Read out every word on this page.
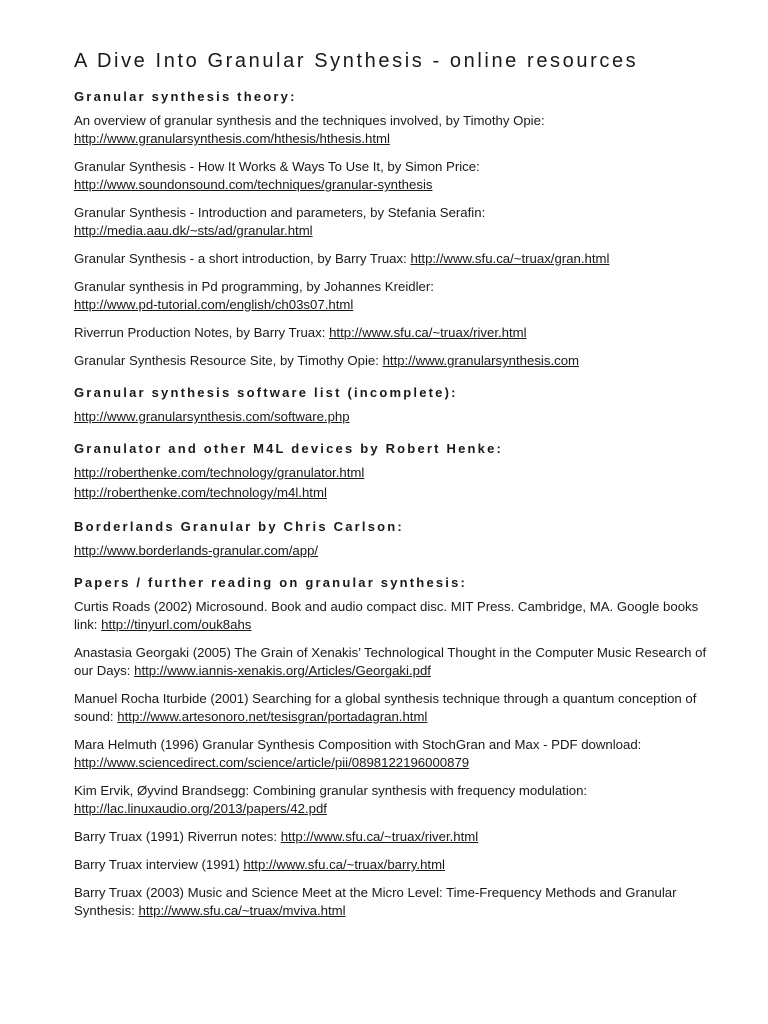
A Dive Into Granular Synthesis - online resources
Granular synthesis theory:

An overview of granular synthesis and the techniques involved, by Timothy Opie:
http://www.granularsynthesis.com/hthesis/hthesis.html

Granular Synthesis - How It Works & Ways To Use It, by Simon Price:
http://www.soundonsound.com/techniques/granular-synthesis

Granular Synthesis - Introduction and parameters, by Stefania Serafin:
http://media.aau.dk/~sts/ad/granular.html

Granular Synthesis - a short introduction, by Barry Truax: http://www.sfu.ca/~truax/gran.html

Granular synthesis in Pd programming, by Johannes Kreidler:
http://www.pd-tutorial.com/english/ch03s07.html

Riverrun Production Notes, by Barry Truax: http://www.sfu.ca/~truax/river.html

Granular Synthesis Resource Site, by Timothy Opie: http://www.granularsynthesis.com

Granular synthesis software list (incomplete):

http://www.granularsynthesis.com/software.php

Granulator and other M4L devices by Robert Henke:

http://roberthenke.com/technology/granulator.html

http://roberthenke.com/technology/m4l.html

Borderlands Granular by Chris Carlson:

http://www.borderlands-granular.com/app/

Papers / further reading on granular synthesis:

Curtis Roads (2002) Microsound. Book and audio compact disc. MIT Press. Cambridge, MA. Google books link: http://tinyurl.com/ouk8ahs

Anastasia Georgaki (2005) The Grain of Xenakis’ Technological Thought in the Computer Music Research of our Days: http://www.iannis-xenakis.org/Articles/Georgaki.pdf

Manuel Rocha Iturbide (2001) Searching for a global synthesis technique through a quantum conception of sound: http://www.artesonoro.net/tesisgran/portadagran.html

Mara Helmuth (1996) Granular Synthesis Composition with StochGran and Max - PDF download:
http://www.sciencedirect.com/science/article/pii/0898122196000879

Kim Ervik, Øyvind Brandsegg: Combining granular synthesis with frequency modulation: http://lac.linuxaudio.org/2013/papers/42.pdf

Barry Truax (1991) Riverrun notes: http://www.sfu.ca/~truax/river.html

Barry Truax interview (1991) http://www.sfu.ca/~truax/barry.html

Barry Truax (2003) Music and Science Meet at the Micro Level: Time-Frequency Methods and Granular Synthesis: http://www.sfu.ca/~truax/mviva.html
